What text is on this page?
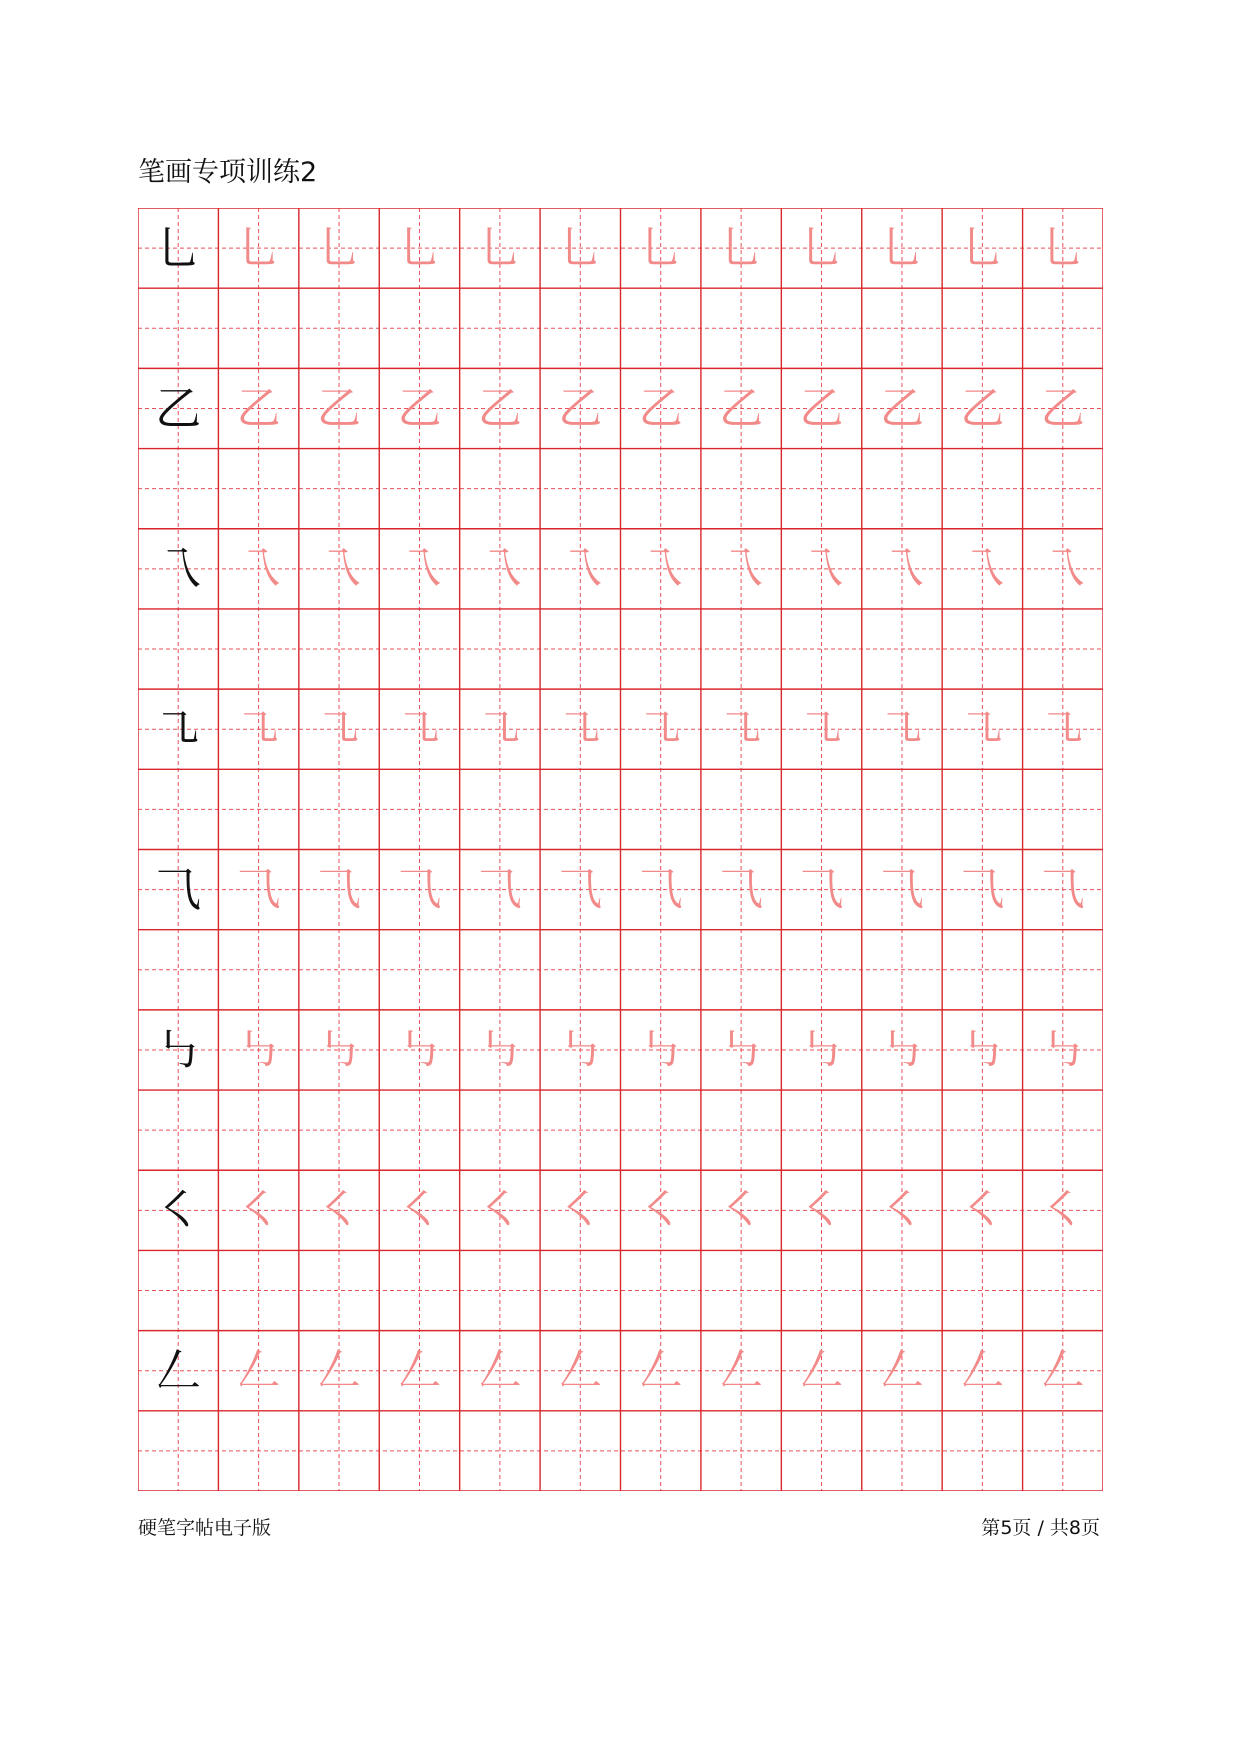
笔画专项训练2
乚 乚 乚 乚 乚 乚 乚 乚 乚 乚 乚 乚
乙 乙 乙 乙 乙 乙 乙 乙 乙 乙 乙 乙
乁 乁 乁 乁 乁 乁 乁 乁 乁 乁 乁 乁
㇈ ㇈ ㇈ ㇈ ㇈ ㇈ ㇈ ㇈ ㇈ ㇈ ㇈ ㇈
⺄ ⺄ ⺄ ⺄ ⺄ ⺄ ⺄ ⺄ ⺄ ⺄ ⺄ ⺄
㇉ ㇉ ㇉ ㇉ ㇉ ㇉ ㇉ ㇉ ㇉ ㇉ ㇉ ㇉
㇛ ㇛ ㇛ ㇛ ㇛ ㇛ ㇛ ㇛ ㇛ ㇛ ㇛ ㇛
𠃋 𠃋 𠃋 𠃋 𠃋 𠃋 𠃋 𠃋 𠃋 𠃋 𠃋 𠃋
硬笔字帖电子版	第5页 / 共8页
